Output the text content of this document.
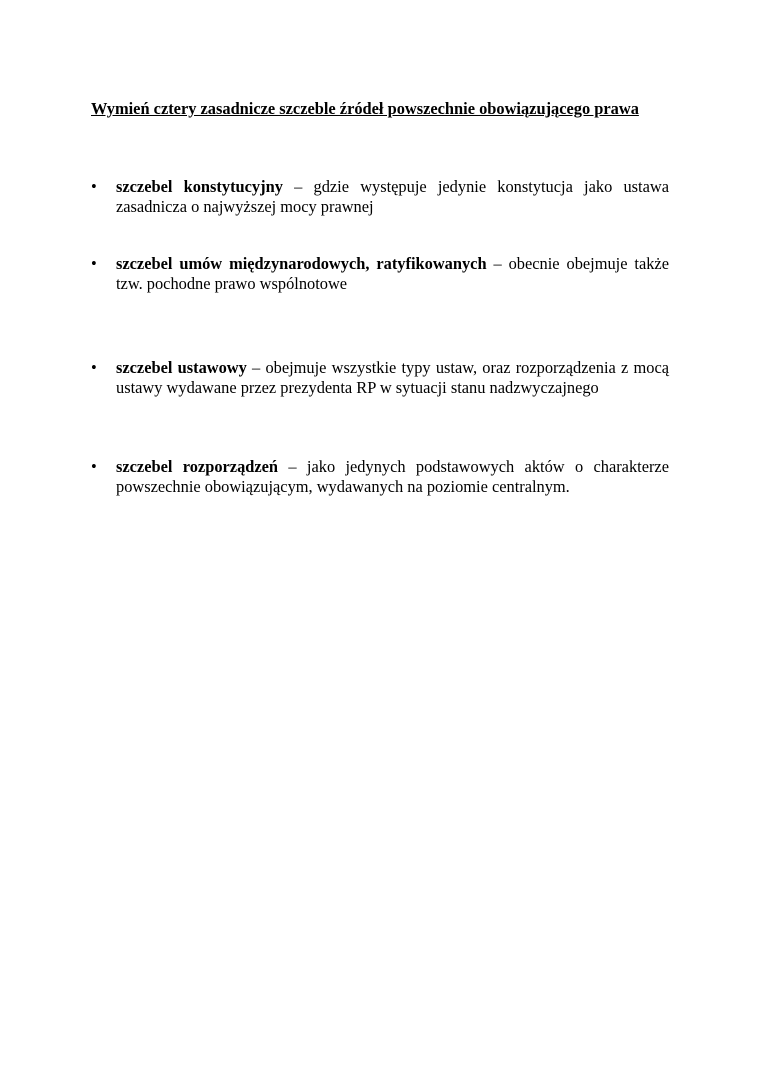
Wymień cztery zasadnicze szczeble źródeł powszechnie obowiązującego prawa
•	szczebel konstytucyjny – gdzie występuje jedynie konstytucja jako ustawa zasadnicza o najwyższej mocy prawnej

•	szczebel umów międzynarodowych, ratyfikowanych – obecnie obejmuje także tzw. pochodne prawo wspólnotowe

•	szczebel ustawowy – obejmuje wszystkie typy ustaw, oraz rozporządzenia z mocą ustawy wydawane przez prezydenta RP w sytuacji stanu nadzwyczajnego

•	szczebel rozporządzeń – jako jedynych podstawowych aktów o charakterze powszechnie obowiązującym, wydawanych na poziomie centralnym.
